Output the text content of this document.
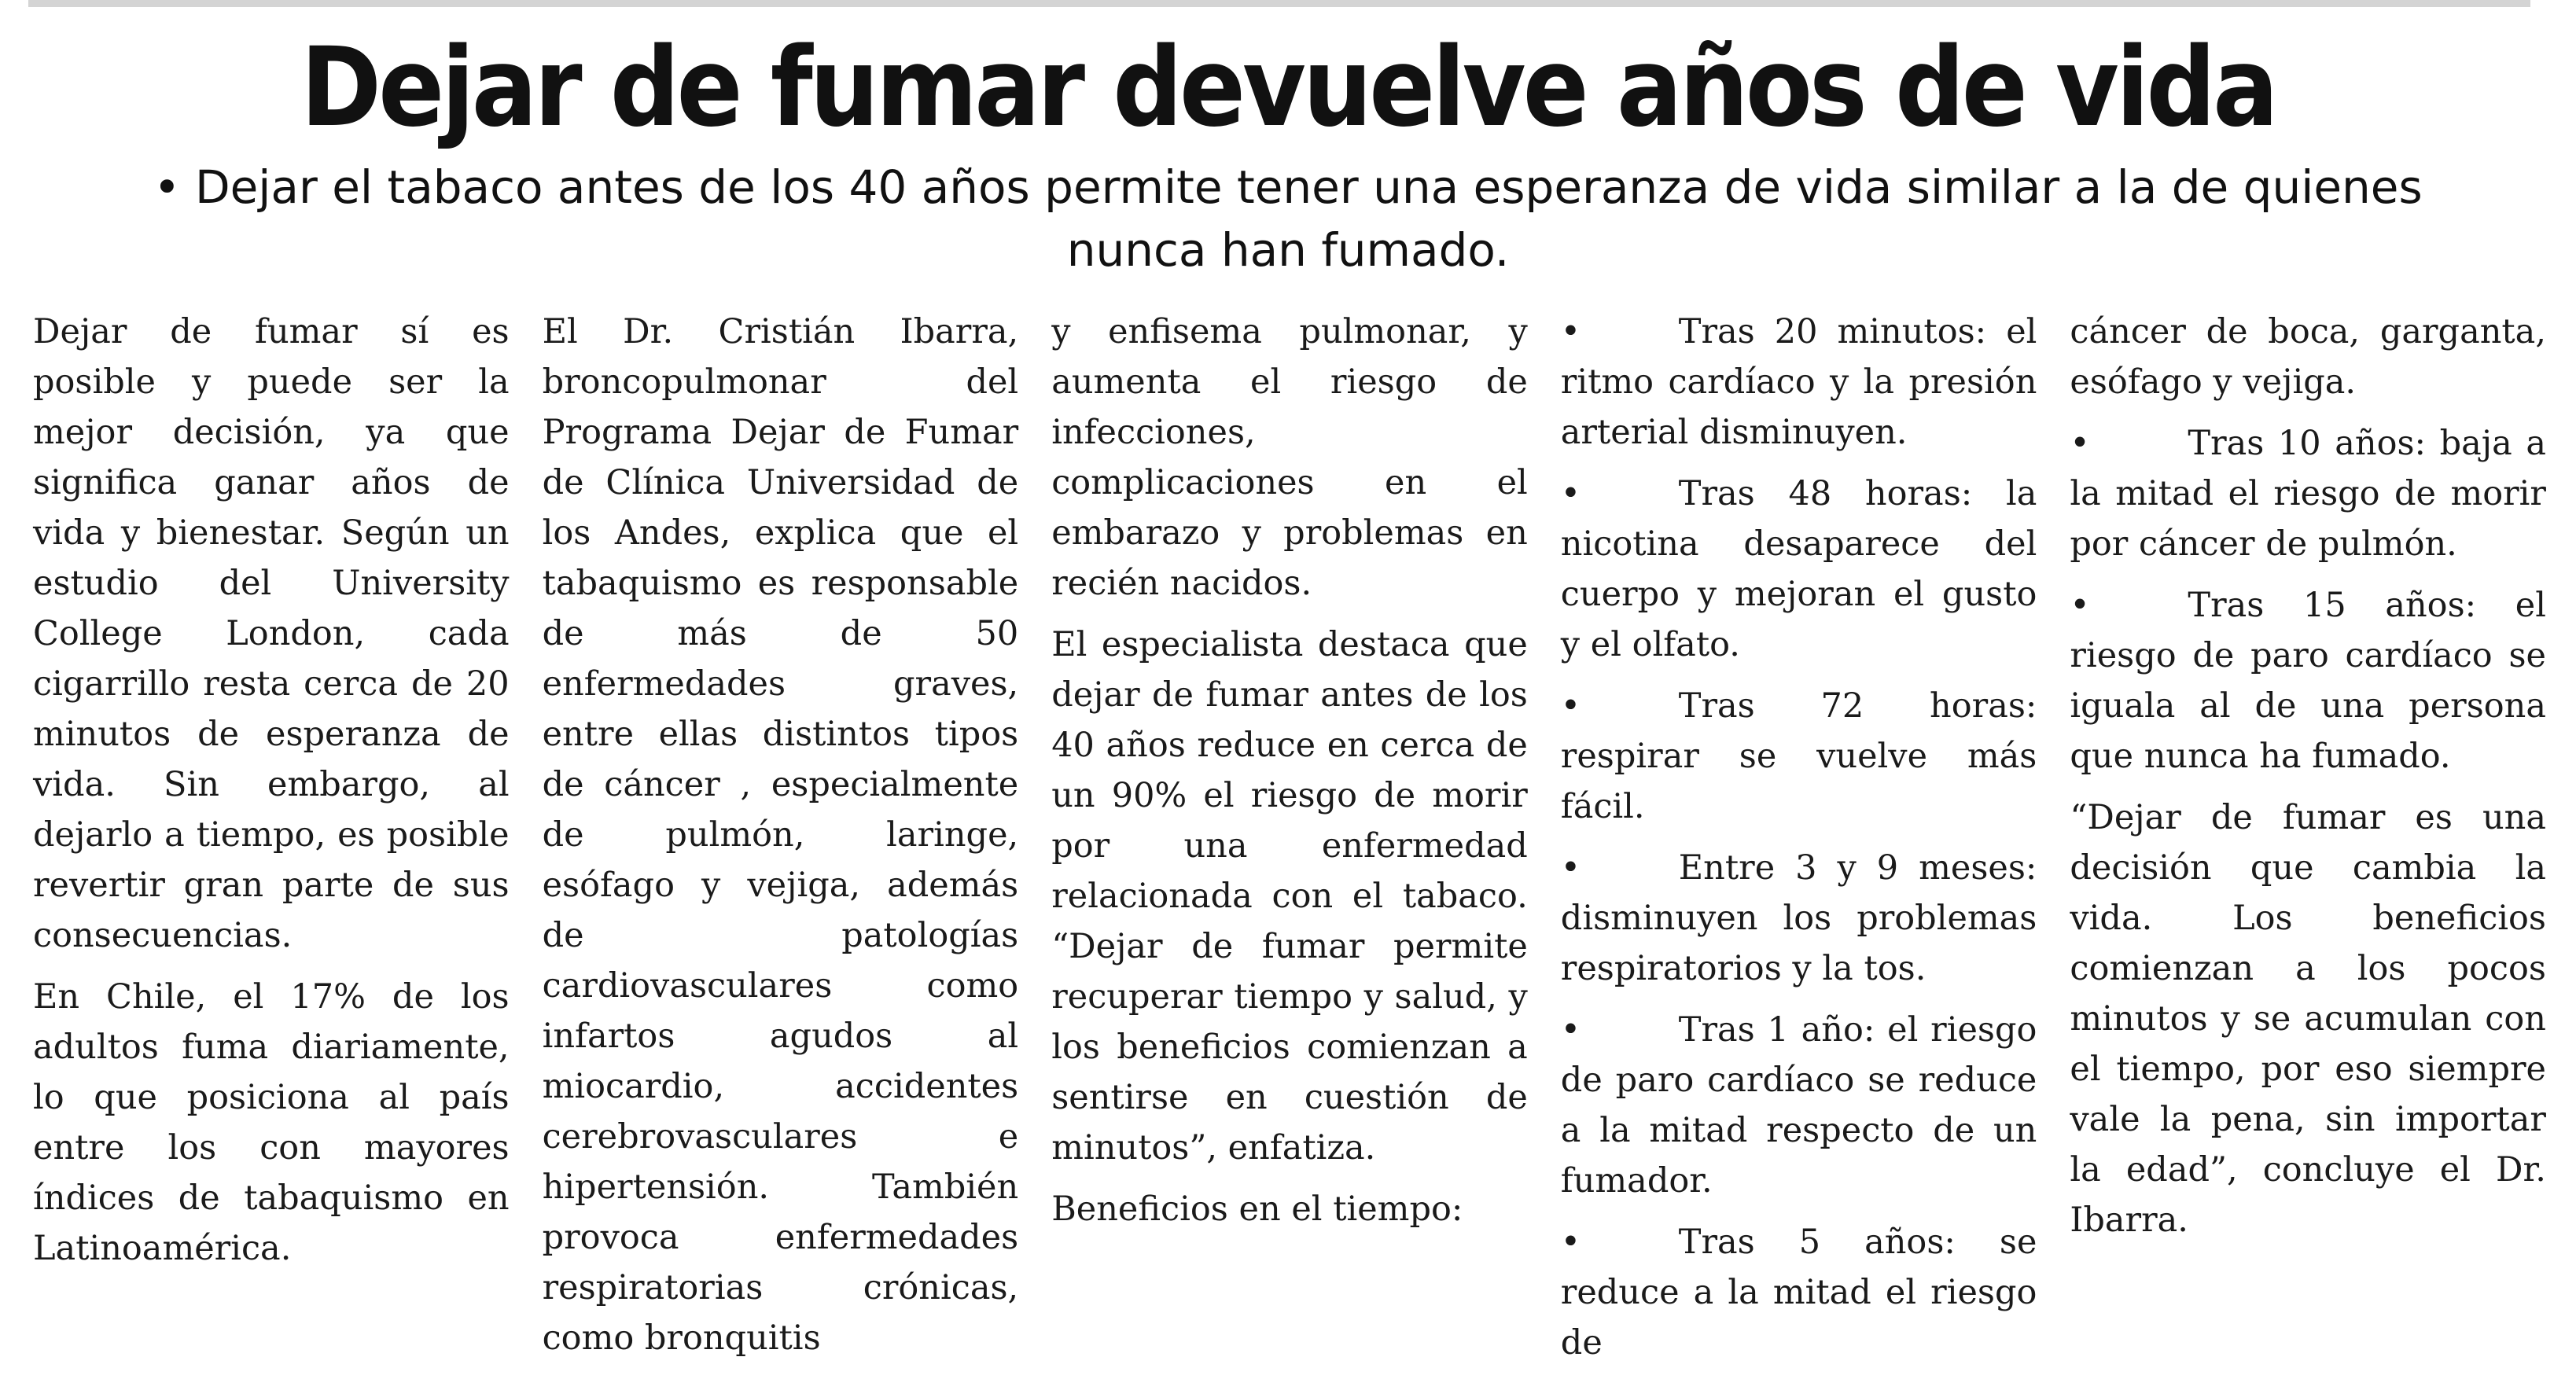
Dejar de fumar devuelve años de vida

• Dejar el tabaco antes de los 40 años permite tener una esperanza de vida similar a la de quienes nunca han fumado.

Dejar de fumar sí es posible y puede ser la mejor decisión, ya que significa ganar años de vida y bienestar. Según un estudio del University College London, cada cigarrillo resta cerca de 20 minutos de esperanza de vida. Sin embargo, al dejarlo a tiempo, es posible revertir gran parte de sus consecuencias.

En Chile, el 17% de los adultos fuma diariamente, lo que posiciona al país entre los con mayores índices de tabaquismo en Latinoamérica.

El Dr. Cristián Ibarra, broncopulmonar del Programa Dejar de Fumar de Clínica Universidad de los Andes, explica que el tabaquismo es responsable de más de 50 enfermedades graves, entre ellas distintos tipos de cáncer , especialmente de pulmón, laringe, esófago y vejiga, además de patologías cardiovasculares como infartos agudos al miocardio, accidentes cerebrovasculares e hipertensión. También provoca enfermedades respiratorias crónicas, como bronquitis

y enfisema pulmonar, y aumenta el riesgo de infecciones, complicaciones en el embarazo y problemas en recién nacidos.

El especialista destaca que dejar de fumar antes de los 40 años reduce en cerca de un 90% el riesgo de morir por una enfermedad relacionada con el tabaco. “Dejar de fumar permite recuperar tiempo y salud, y los beneficios comienzan a sentirse en cuestión de minutos”, enfatiza.

Beneficios en el tiempo:

•	Tras 20 minutos: el ritmo cardíaco y la presión arterial disminuyen.
•	Tras 48 horas: la nicotina desaparece del cuerpo y mejoran el gusto y el olfato.
•	Tras 72 horas: respirar se vuelve más fácil.
•	Entre 3 y 9 meses: disminuyen los problemas respiratorios y la tos.
•	Tras 1 año: el riesgo de paro cardíaco se reduce a la mitad respecto de un fumador.
•	Tras 5 años: se reduce a la mitad el riesgo de

cáncer de boca, garganta, esófago y vejiga.

•	Tras 10 años: baja a la mitad el riesgo de morir por cáncer de pulmón.
•	Tras 15 años: el riesgo de paro cardíaco se iguala al de una persona que nunca ha fumado.

“Dejar de fumar es una decisión que cambia la vida. Los beneficios comienzan a los pocos minutos y se acumulan con el tiempo, por eso siempre vale la pena, sin importar la edad”, concluye el Dr. Ibarra.
